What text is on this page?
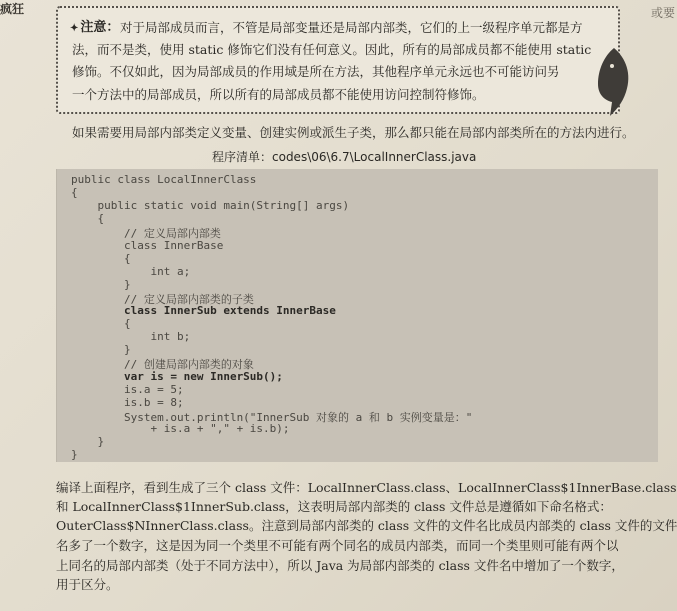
疯狂	或要
✦ 注意： 对于局部成员而言，不管是局部变量还是局部内部类，它们的上一级程序单元都是方
法，而不是类，使用 static 修饰它们没有任何意义。因此，所有的局部成员都不能使用 static
修饰。不仅如此，因为局部成员的作用域是所在方法，其他程序单元永远也不可能访问另
一个方法中的局部成员，所以所有的局部成员都不能使用访问控制符修饰。
如果需要用局部内部类定义变量、创建实例或派生子类，那么都只能在局部内部类所在的方法内进行。
程序清单：codes\06\6.7\LocalInnerClass.java
public class LocalInnerClass
{
public static void main(String[] args)
{
// 定义局部内部类
class InnerBase
{
int a;
}
// 定义局部内部类的子类
class InnerSub extends InnerBase
{
int b;
}
// 创建局部内部类的对象
var is = new InnerSub();
is.a = 5;
is.b = 8;
System.out.println("InnerSub 对象的 a 和 b 实例变量是："
+ is.a + "," + is.b);
}
}
编译上面程序，看到生成了三个 class 文件：LocalInnerClass.class、LocalInnerClass$1InnerBase.class
和 LocalInnerClass$1InnerSub.class，这表明局部内部类的 class 文件总是遵循如下命名格式：
OuterClass$NInnerClass.class。注意到局部内部类的 class 文件的文件名比成员内部类的 class 文件的文件
名多了一个数字，这是因为同一个类里不可能有两个同名的成员内部类，而同一个类里则可能有两个以
上同名的局部内部类（处于不同方法中），所以 Java 为局部内部类的 class 文件名中增加了一个数字，
用于区分。
